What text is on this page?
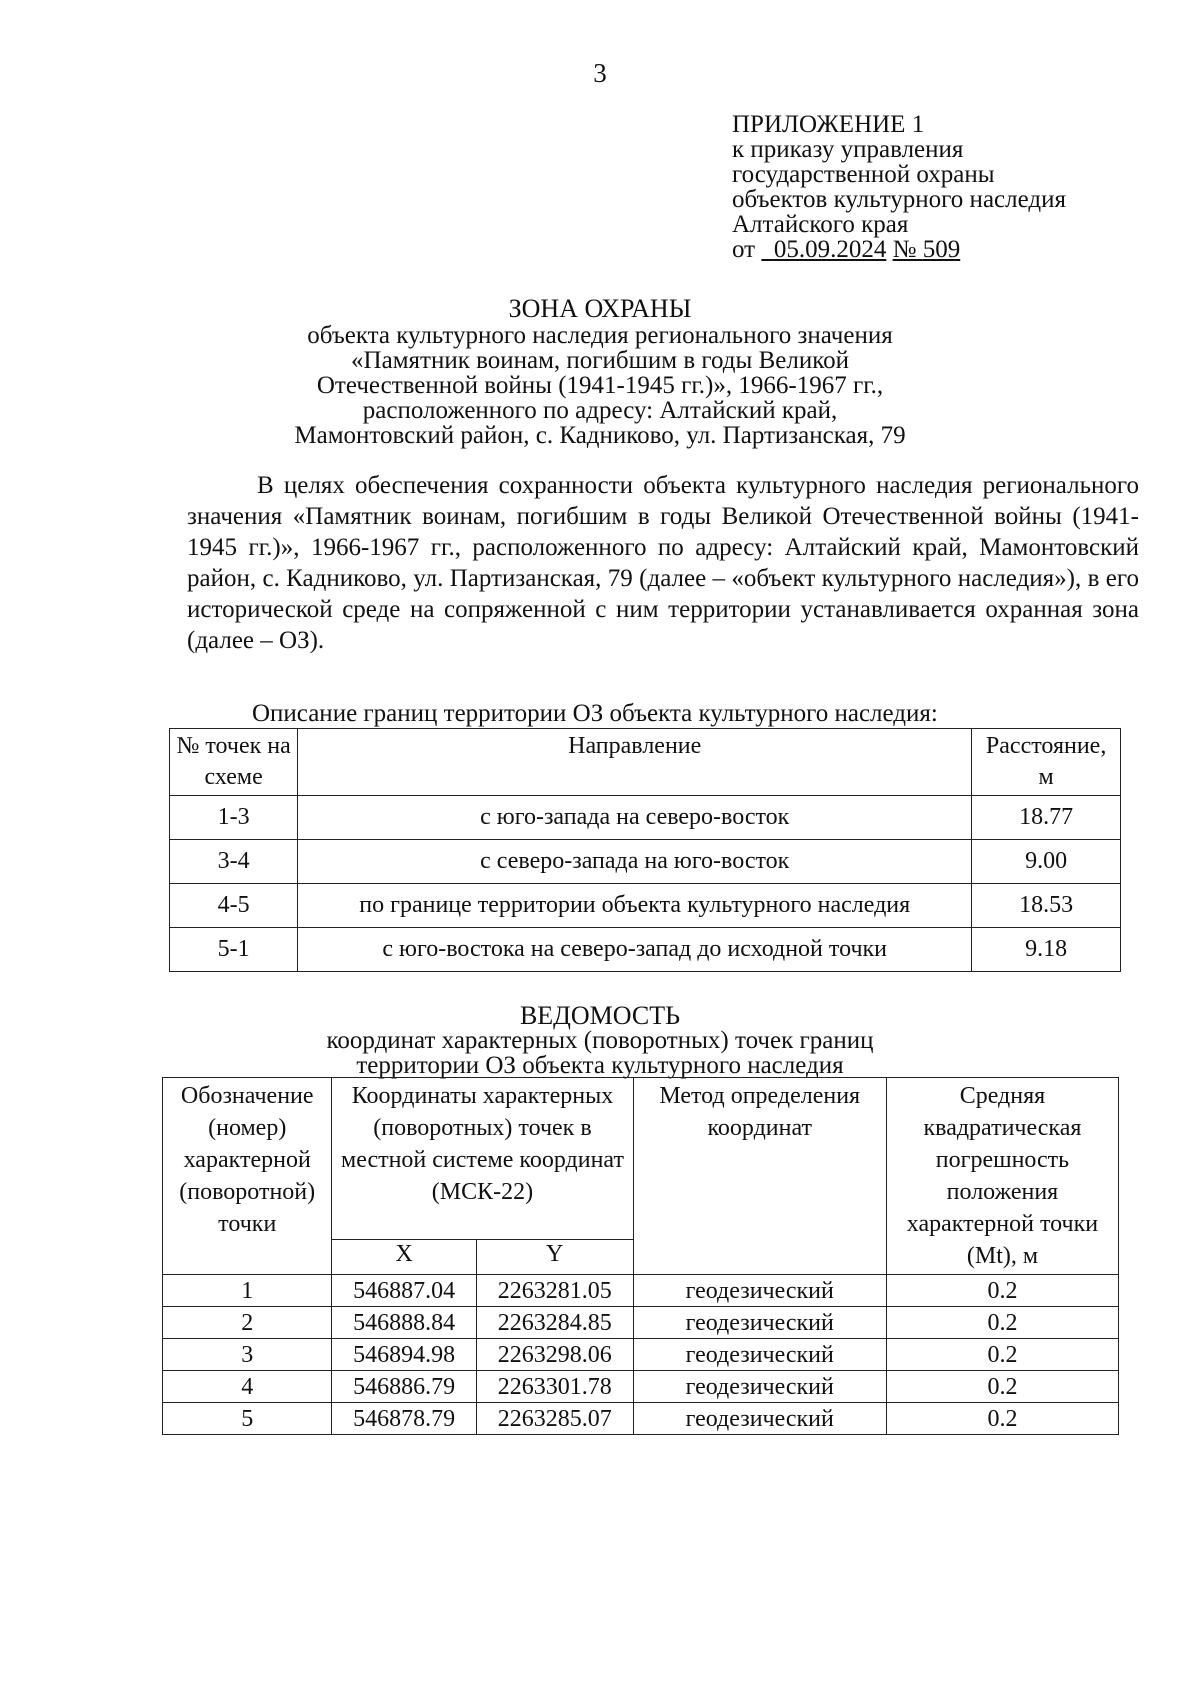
3
ПРИЛОЖЕНИЕ 1
к приказу управления
государственной охраны
объектов культурного наследия
Алтайского края
от 05.09.2024 № 509
ЗОНА ОХРАНЫ
объекта культурного наследия регионального значения
«Памятник воинам, погибшим в годы Великой
Отечественной войны (1941-1945 гг.)», 1966-1967 гг.,
расположенного по адресу: Алтайский край,
Мамонтовский район, с. Кадниково, ул. Партизанская, 79

В целях обеспечения сохранности объекта культурного наследия регионального значения «Памятник воинам, погибшим в годы Великой Отечественной войны (1941-1945 гг.)», 1966-1967 гг., расположенного по адресу: Алтайский край, Мамонтовский район, с. Кадниково, ул. Партизанская, 79 (далее – «объект культурного наследия»), в его исторической среде на сопряженной с ним территории устанавливается охранная зона (далее – ОЗ).

Описание границ территории ОЗ объекта культурного наследия:
№ точек на схеме	Направление	Расстояние, м
1-3	с юго-запада на северо-восток	18.77
3-4	с северо-запада на юго-восток	9.00
4-5	по границе территории объекта культурного наследия	18.53
5-1	с юго-востока на северо-запад до исходной точки	9.18
ВЕДОМОСТЬ
координат характерных (поворотных) точек границ
территории ОЗ объекта культурного наследия
Обозначение (номер) характерной (поворотной) точки	Координаты характерных (поворотных) точек в местной системе координат (МСК-22)		Метод определения координат	Средняя квадратическая погрешность положения характерной точки (Mt), м
	X	Y		
1	546887.04	2263281.05	геодезический	0.2
2	546888.84	2263284.85	геодезический	0.2
3	546894.98	2263298.06	геодезический	0.2
4	546886.79	2263301.78	геодезический	0.2
5	546878.79	2263285.07	геодезический	0.2
